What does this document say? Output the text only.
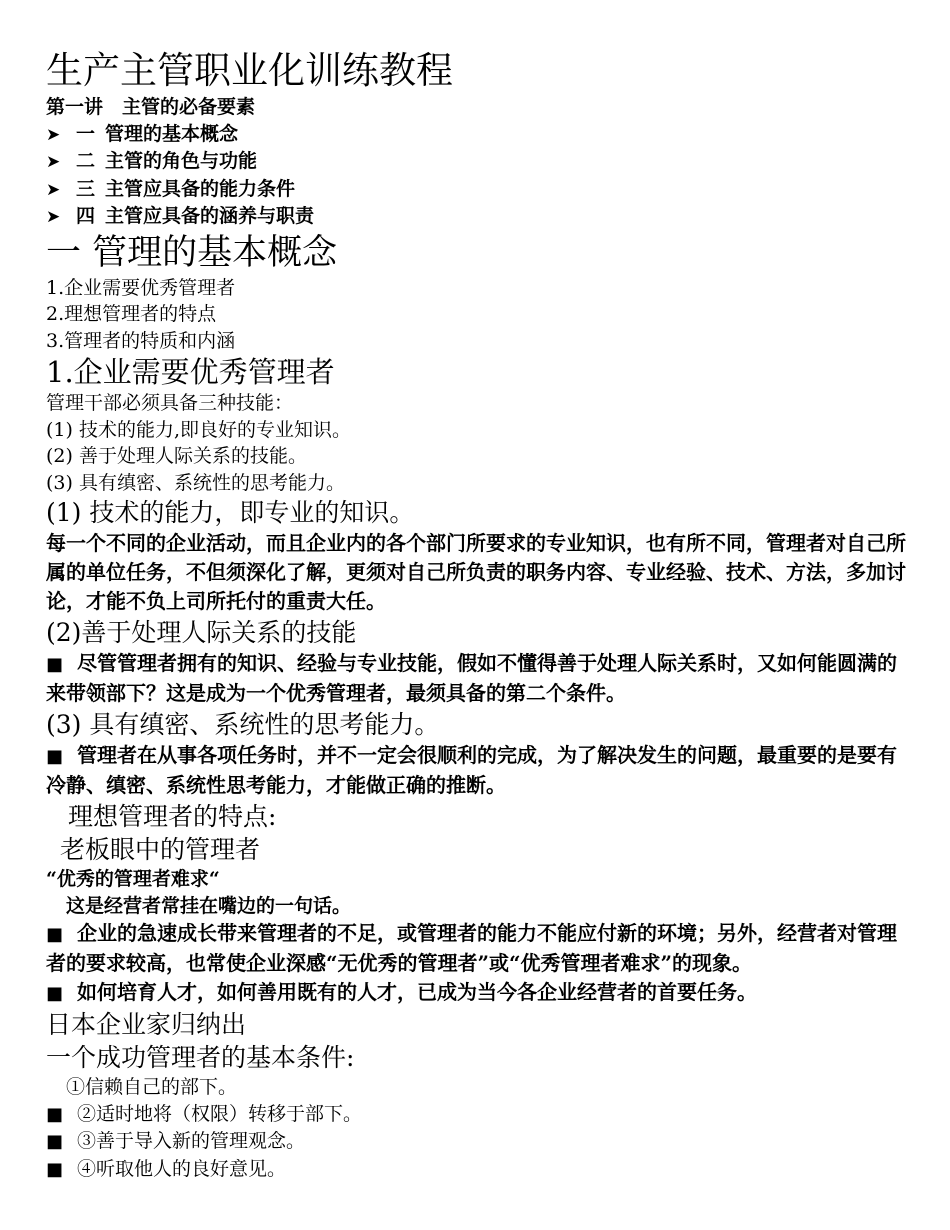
生产主管职业化训练教程

第一讲　主管的必备要素

➤ 一 管理的基本概念
➤ 二 主管的角色与功能
➤ 三 主管应具备的能力条件
➤ 四 主管应具备的涵养与职责
一 管理的基本概念

1.企业需要优秀管理者

2.理想管理者的特点

3.管理者的特质和内涵

1.企业需要优秀管理者

管理干部必须具备三种技能：

(1) 技术的能力,即良好的专业知识。

(2) 善于处理人际关系的技能。

(3) 具有缜密、系统性的思考能力。

(1) 技术的能力，即专业的知识。

每一个不同的企业活动，而且企业内的各个部门所要求的专业知识，也有所不同，管理者对自己所属的单位任务，不但须深化了解，更须对自己所负责的职务内容、专业经验、技术、方法，多加讨论，才能不负上司所托付的重责大任。

(2)善于处理人际关系的技能

■ 尽管管理者拥有的知识、经验与专业技能，假如不懂得善于处理人际关系时，又如何能圆满的来带领部下？这是成为一个优秀管理者，最须具备的第二个条件。

(3) 具有缜密、系统性的思考能力。

■ 管理者在从事各项任务时，并不一定会很顺利的完成，为了解决发生的问题，最重要的是要有冷静、缜密、系统性思考能力，才能做正确的推断。

理想管理者的特点:
老板眼中的管理者

“优秀的管理者难求“

这是经营者常挂在嘴边的一句话。

■ 企业的急速成长带来管理者的不足，或管理者的能力不能应付新的环境；另外，经营者对管理者的要求较高，也常使企业深感“无优秀的管理者”或“优秀管理者难求”的现象。

■ 如何培育人才，如何善用既有的人才，已成为当今各企业经营者的首要任务。

日本企业家归纳出
一个成功管理者的基本条件:

①信赖自己的部下。

■ ②适时地将（权限）转移于部下。

■ ③善于导入新的管理观念。

■ ④听取他人的良好意见。
